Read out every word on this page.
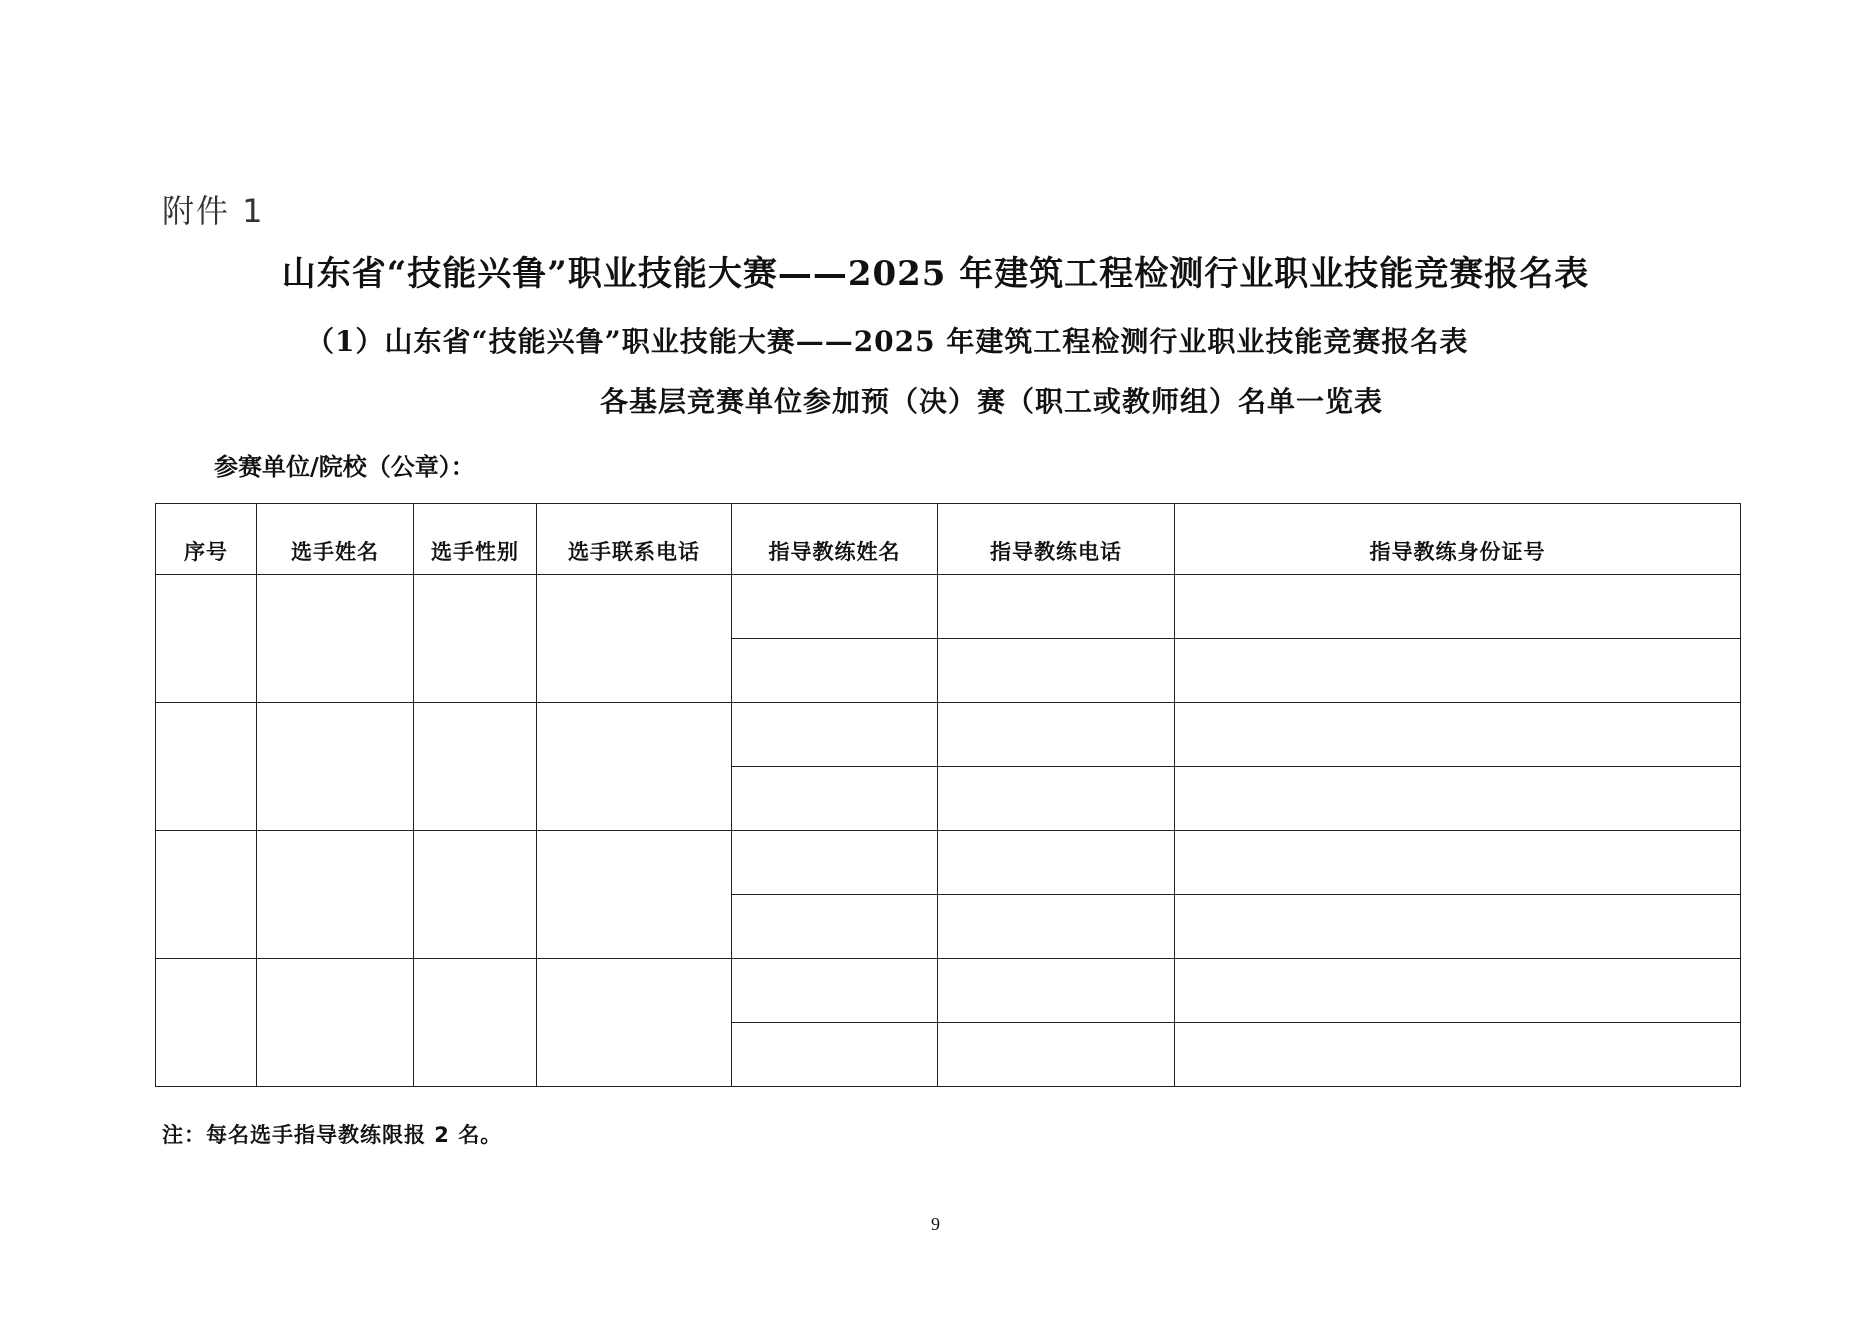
附件 1
山东省“技能兴鲁”职业技能大赛——2025 年建筑工程检测行业职业技能竞赛报名表
（1）山东省“技能兴鲁”职业技能大赛——2025 年建筑工程检测行业职业技能竞赛报名表
各基层竞赛单位参加预（决）赛（职工或教师组）名单一览表
参赛单位/院校（公章）：
序号	选手姓名	选手性别	选手联系电话	指导教练姓名	指导教练电话	指导教练身份证号

注：每名选手指导教练限报 2 名。
9
